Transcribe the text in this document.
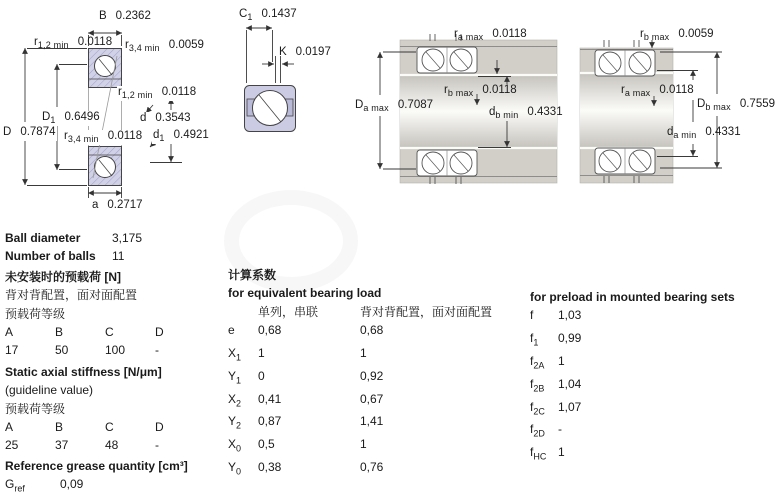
B 0.2362
$r_{1,2 min}$ 0.0118 $r_{3,4 min}$ 0.0059
$r_{1,2 min}$ 0.0118
$D_1$ 0.6496
D 0.7874
d 0.3543
$r_{3,4 min}$ 0.0118 $d_1$ 0.4921
a 0.2717
$C_1$ 0.1437
K 0.0197
$r_{a max}$ 0.0118
$D_{a max}$ 0.7087
$r_{b max}$ 0.0118
$d_{b min}$ 0.4331
$r_{b max}$ 0.0059
$r_{a max}$ 0.0118
$D_{b max}$ 0.7559
$d_{a min}$ 0.4331
Ball diameter	3,175
Number of balls 11
未安装时的预载荷 [N]
背对背配置，面对面配置
预载荷等级
A	B	C	D
17	50	100 -
Static axial stiffness [N/μm]
(guideline value)
预载荷等级
A	B	C	D
25	37	48	-
Reference grease quantity [cm³]
$G_{ref}$	0,09
计算系数
for equivalent bearing load
单列，串联	背对背配置，面对面配置
e 0,68	0,68
$X_1$ 1	1
$Y_1$ 0	0,92
$X_2$ 0,41	0,67
$Y_2$ 0,87	1,41
$X_0$ 0,5	1
$Y_0$ 0,38	0,76
for preload in mounted bearing sets
f 1,03
$f_1$ 0,99
$f_{2A}$ 1
$f_{2B}$ 1,04
$f_{2C}$ 1,07
$f_{2D}$ -
$f_{HC}$ 1
